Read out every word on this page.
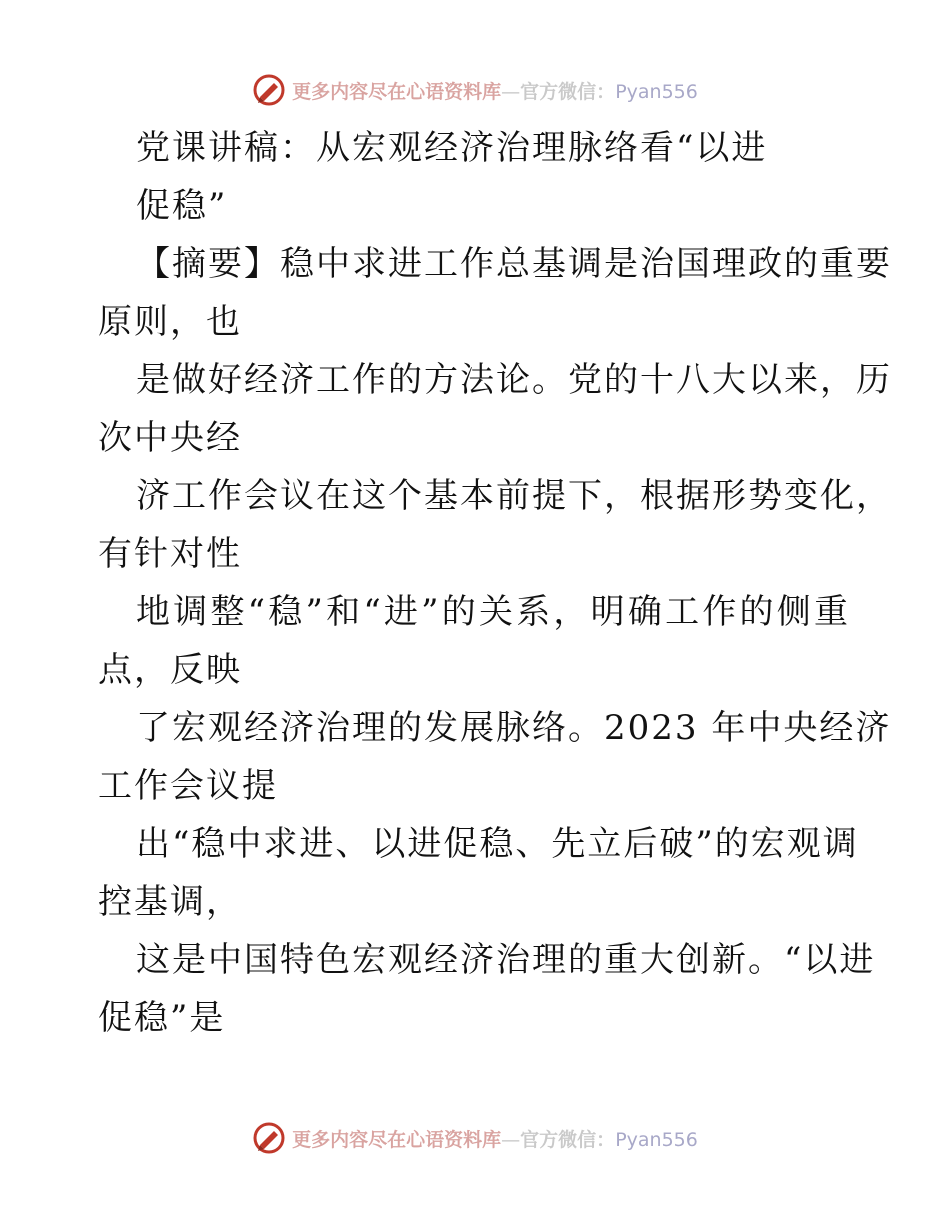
更多内容尽在心语资料库—官方微信：Pyan556
党课讲稿：从宏观经济治理脉络看“以进
促稳”
【摘要】稳中求进工作总基调是治国理政的重要
原则，也
是做好经济工作的方法论。党的十八大以来，历
次中央经
济工作会议在这个基本前提下，根据形势变化，
有针对性
地调整“稳”和“进”的关系，明确工作的侧重
点，反映
了宏观经济治理的发展脉络。2023 年中央经济
工作会议提
出“稳中求进、以进促稳、先立后破”的宏观调
控基调，
这是中国特色宏观经济治理的重大创新。“以进
促稳”是
更多内容尽在心语资料库—官方微信：Pyan556
